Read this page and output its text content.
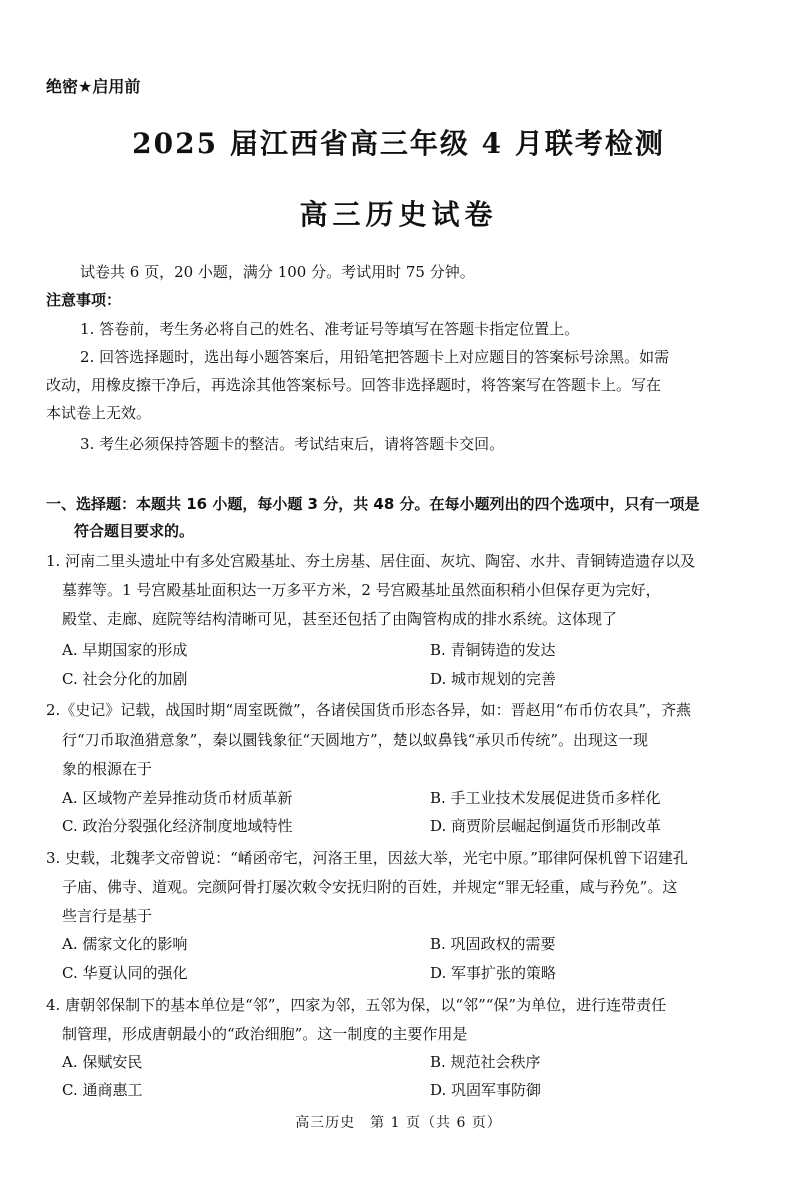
绝密★启用前
2025 届江西省高三年级 4 月联考检测
高三历史试卷
试卷共 6 页，20 小题，满分 100 分。考试用时 75 分钟。
注意事项：
1. 答卷前，考生务必将自己的姓名、准考证号等填写在答题卡指定位置上。
2. 回答选择题时，选出每小题答案后，用铅笔把答题卡上对应题目的答案标号涂黑。如需
改动，用橡皮擦干净后，再选涂其他答案标号。回答非选择题时，将答案写在答题卡上。写在
本试卷上无效。
3. 考生必须保持答题卡的整洁。考试结束后，请将答题卡交回。
一、选择题：本题共 16 小题，每小题 3 分，共 48 分。在每小题列出的四个选项中，只有一项是
符合题目要求的。
1. 河南二里头遗址中有多处宫殿基址、夯土房基、居住面、灰坑、陶窑、水井、青铜铸造遗存以及
墓葬等。1 号宫殿基址面积达一万多平方米，2 号宫殿基址虽然面积稍小但保存更为完好，
殿堂、走廊、庭院等结构清晰可见，甚至还包括了由陶管构成的排水系统。这体现了
A. 早期国家的形成	B. 青铜铸造的发达
C. 社会分化的加剧	D. 城市规划的完善
2.《史记》记载，战国时期“周室既微”，各诸侯国货币形态各异，如：晋赵用“布币仿农具”，齐燕
行“刀币取渔猎意象”，秦以圜钱象征“天圆地方”，楚以蚁鼻钱“承贝币传统”。出现这一现
象的根源在于
A. 区域物产差异推动货币材质革新	B. 手工业技术发展促进货币多样化
C. 政治分裂强化经济制度地域特性	D. 商贾阶层崛起倒逼货币形制改革
3. 史载，北魏孝文帝曾说：“崤函帝宅，河洛王里，因兹大举，光宅中原。”耶律阿保机曾下诏建孔
子庙、佛寺、道观。完颜阿骨打屡次敕令安抚归附的百姓，并规定“罪无轻重，咸与矜免”。这
些言行是基于
A. 儒家文化的影响	B. 巩固政权的需要
C. 华夏认同的强化	D. 军事扩张的策略
4. 唐朝邻保制下的基本单位是“邻”，四家为邻，五邻为保，以“邻”“保”为单位，进行连带责任
制管理，形成唐朝最小的“政治细胞”。这一制度的主要作用是
A. 保赋安民	B. 规范社会秩序
C. 通商惠工	D. 巩固军事防御
高三历史　第 1 页（共 6 页）
